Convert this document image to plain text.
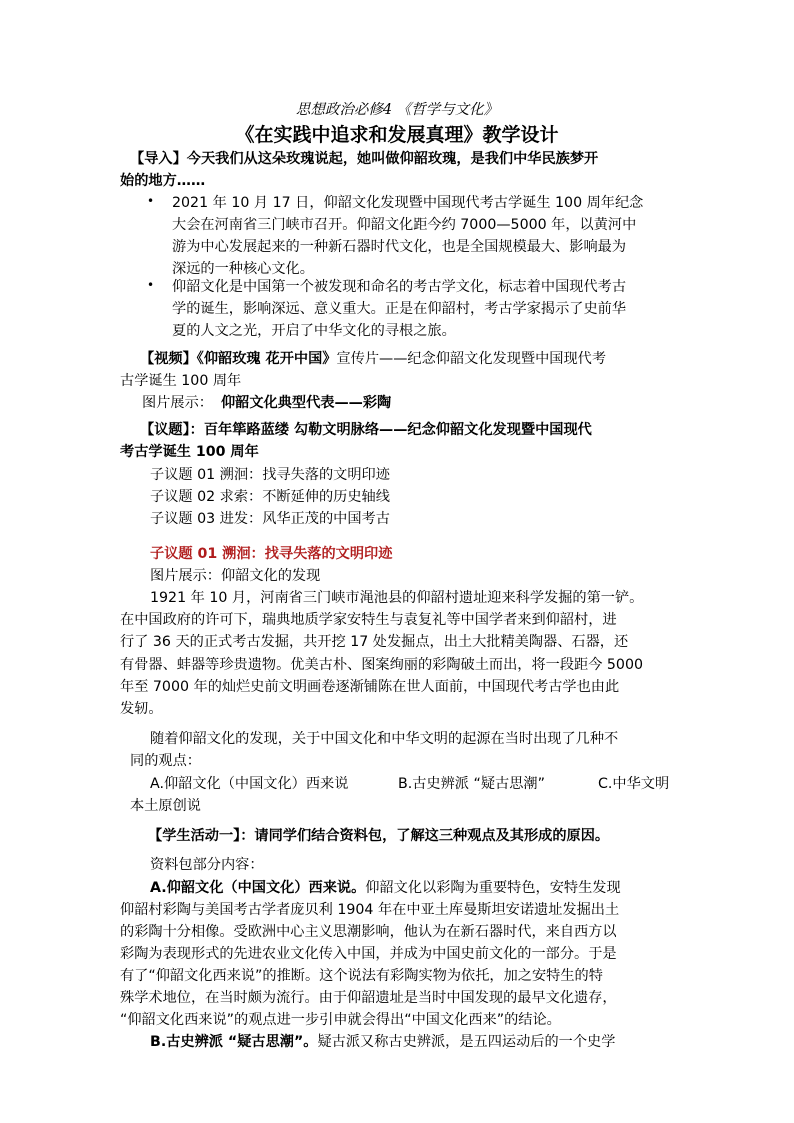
思想政治必修4 《哲学与文化》
《在实践中追求和发展真理》教学设计
【导入】今天我们从这朵玫瑰说起，她叫做仰韶玫瑰，是我们中华民族梦开
始的地方……
• 2021 年 10 月 17 日，仰韶文化发现暨中国现代考古学诞生 100 周年纪念
大会在河南省三门峡市召开。仰韶文化距今约 7000—5000 年，以黄河中
游为中心发展起来的一种新石器时代文化，也是全国规模最大、影响最为
深远的一种核心文化。
• 仰韶文化是中国第一个被发现和命名的考古学文化，标志着中国现代考古
学的诞生，影响深远、意义重大。正是在仰韶村，考古学家揭示了史前华
夏的人文之光，开启了中华文化的寻根之旅。
【视频】《仰韶玫瑰 花开中国》宣传片——纪念仰韶文化发现暨中国现代考
古学诞生 100 周年
图片展示： 仰韶文化典型代表——彩陶
【议题】：百年筚路蓝缕 勾勒文明脉络——纪念仰韶文化发现暨中国现代
考古学诞生 100 周年
子议题 01 溯洄：找寻失落的文明印迹
子议题 02 求索：不断延伸的历史轴线
子议题 03 进发：风华正茂的中国考古
子议题 01 溯洄：找寻失落的文明印迹
图片展示：仰韶文化的发现
1921 年 10 月，河南省三门峡市渑池县的仰韶村遗址迎来科学发掘的第一铲。
在中国政府的许可下，瑞典地质学家安特生与袁复礼等中国学者来到仰韶村，进
行了 36 天的正式考古发掘，共开挖 17 处发掘点，出土大批精美陶器、石器，还
有骨器、蚌器等珍贵遗物。优美古朴、图案绚丽的彩陶破土而出，将一段距今 5000
年至 7000 年的灿烂史前文明画卷逐渐铺陈在世人面前，中国现代考古学也由此
发轫。
随着仰韶文化的发现，关于中国文化和中华文明的起源在当时出现了几种不
同的观点：
A.仰韶文化（中国文化）西来说	B.古史辨派 “疑古思潮”	C.中华文明
本土原创说
【学生活动一】：请同学们结合资料包，了解这三种观点及其形成的原因。
资料包部分内容：
A.仰韶文化（中国文化）西来说。仰韶文化以彩陶为重要特色，安特生发现
仰韶村彩陶与美国考古学者庞贝利 1904 年在中亚土库曼斯坦安诺遗址发掘出土
的彩陶十分相像。受欧洲中心主义思潮影响，他认为在新石器时代，来自西方以
彩陶为表现形式的先进农业文化传入中国，并成为中国史前文化的一部分。于是
有了“仰韶文化西来说”的推断。这个说法有彩陶实物为依托，加之安特生的特
殊学术地位，在当时颇为流行。由于仰韶遗址是当时中国发现的最早文化遗存，
“仰韶文化西来说”的观点进一步引申就会得出“中国文化西来”的结论。
B.古史辨派 “疑古思潮”。疑古派又称古史辨派，是五四运动后的一个史学
